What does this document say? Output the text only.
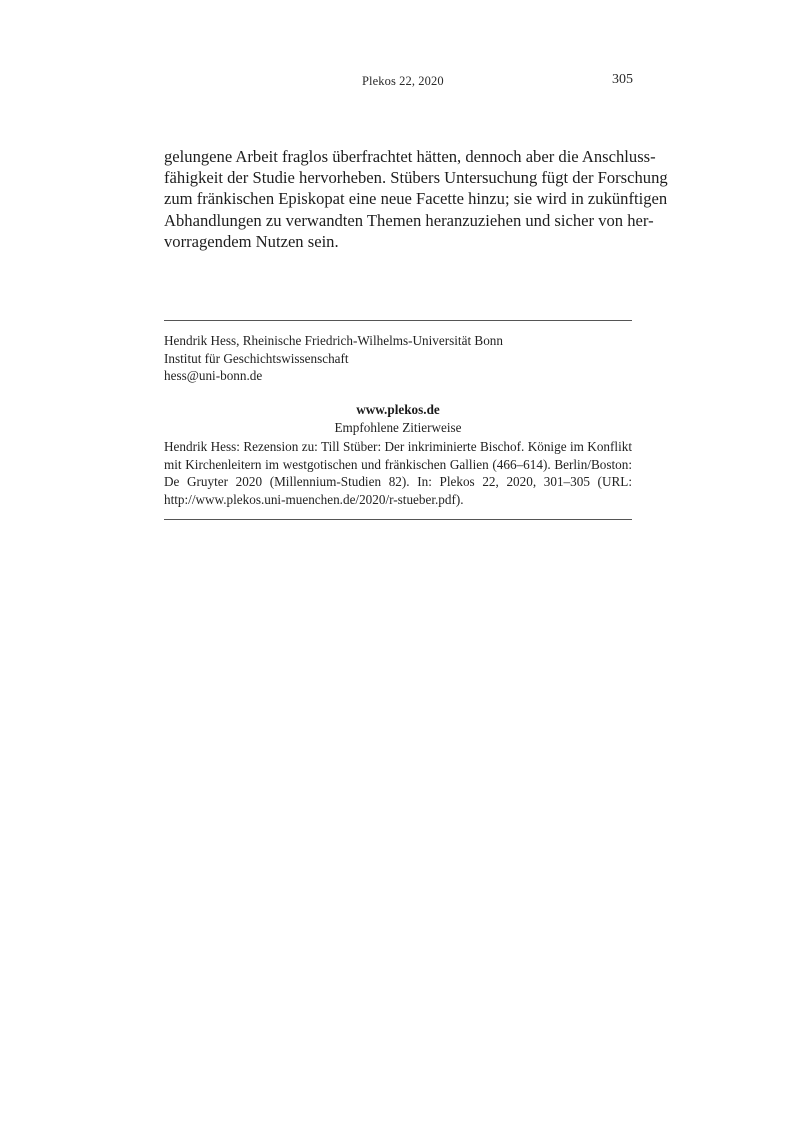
Plekos 22, 2020	305

gelungene Arbeit fraglos überfrachtet hätten, dennoch aber die Anschluss-
fähigkeit der Studie hervorheben. Stübers Untersuchung fügt der Forschung
zum fränkischen Episkopat eine neue Facette hinzu; sie wird in zukünftigen
Abhandlungen zu verwandten Themen heranzuziehen und sicher von her-
vorragendem Nutzen sein.

Hendrik Hess, Rheinische Friedrich-Wilhelms-Universität Bonn
Institut für Geschichtswissenschaft
hess@uni-bonn.de
www.plekos.de
Empfohlene Zitierweise
Hendrik Hess: Rezension zu: Till Stüber: Der inkriminierte Bischof. Könige im Konflikt
mit Kirchenleitern im westgotischen und fränkischen Gallien (466–614). Berlin/Boston:
De Gruyter 2020 (Millennium-Studien 82). In: Plekos 22, 2020, 301–305 (URL:
http://www.plekos.uni-muenchen.de/2020/r-stueber.pdf).
